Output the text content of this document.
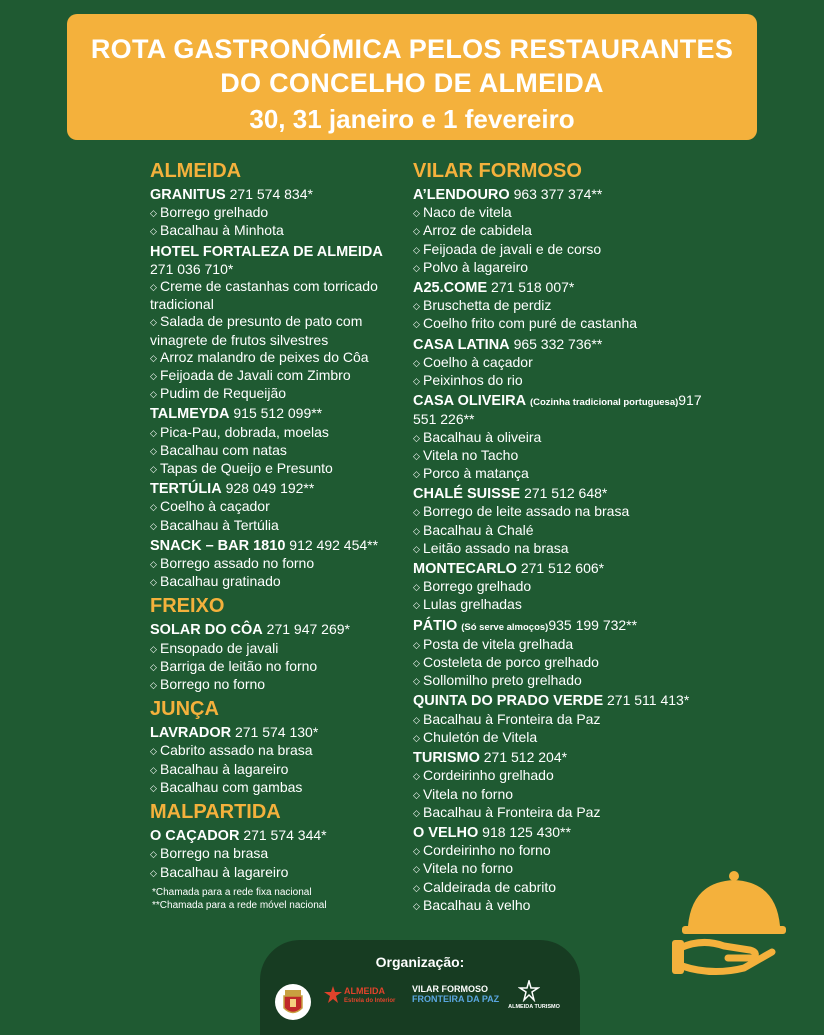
ROTA GASTRONÓMICA PELOS RESTAURANTES
DO CONCELHO DE ALMEIDA
30, 31 janeiro e 1 fevereiro
ALMEIDA
GRANITUS 271 574 834*
◇ Borrego grelhado
◇ Bacalhau à Minhota
HOTEL FORTALEZA DE ALMEIDA 271 036 710*
◇ Creme de castanhas com torricado tradicional
◇ Salada de presunto de pato com vinagrete de frutos silvestres
◇ Arroz malandro de peixes do Côa
◇ Feijoada de Javali com Zimbro
◇ Pudim de Requeijão
TALMEYDA 915 512 099**
◇ Pica-Pau, dobrada, moelas
◇ Bacalhau com natas
◇ Tapas de Queijo e Presunto
TERTÚLIA 928 049 192**
◇ Coelho à caçador
◇ Bacalhau à Tertúlia
SNACK – BAR 1810 912 492 454**
◇ Borrego assado no forno
◇ Bacalhau gratinado
FREIXO
SOLAR DO CÔA 271 947 269*
◇ Ensopado de javali
◇ Barriga de leitão no forno
◇ Borrego no forno
JUNÇA
LAVRADOR 271 574 130*
◇ Cabrito assado na brasa
◇ Bacalhau à lagareiro
◇ Bacalhau com gambas
MALPARTIDA
O CAÇADOR 271 574 344*
◇ Borrego na brasa
◇ Bacalhau à lagareiro
VILAR FORMOSO
A’LENDOURO 963 377 374**
◇ Naco de vitela
◇ Arroz de cabidela
◇ Feijoada de javali e de corso
◇ Polvo à lagareiro
A25.COME 271 518 007*
◇ Bruschetta de perdiz
◇ Coelho frito com puré de castanha
CASA LATINA 965 332 736**
◇ Coelho à caçador
◇ Peixinhos do rio
CASA OLIVEIRA (Cozinha tradicional portuguesa)917 551 226**
◇ Bacalhau à oliveira
◇ Vitela no Tacho
◇ Porco à matança
CHALÉ SUISSE 271 512 648*
◇ Borrego de leite assado na brasa
◇ Bacalhau à Chalé
◇ Leitão assado na brasa
MONTECARLO 271 512 606*
◇ Borrego grelhado
◇ Lulas grelhadas
PÁTIO (Só serve almoços)935 199 732**
◇ Posta de vitela grelhada
◇ Costeleta de porco grelhado
◇ Sollomilho preto grelhado
QUINTA DO PRADO VERDE 271 511 413*
◇ Bacalhau à Fronteira da Paz
◇ Chuletón de Vitela
TURISMO 271 512 204*
◇ Cordeirinho grelhado
◇ Vitela no forno
◇ Bacalhau à Fronteira da Paz
O VELHO 918 125 430**
◇ Cordeirinho no forno
◇ Vitela no forno
◇ Caldeirada de cabrito
◇ Bacalhau à velho
*Chamada para a rede fixa nacional
**Chamada para a rede móvel nacional
Organização:
ALMEIDA
Estrela do Interior
VILAR FORMOSO
FRONTEIRA DA PAZ
ALMEIDA TURISMO
